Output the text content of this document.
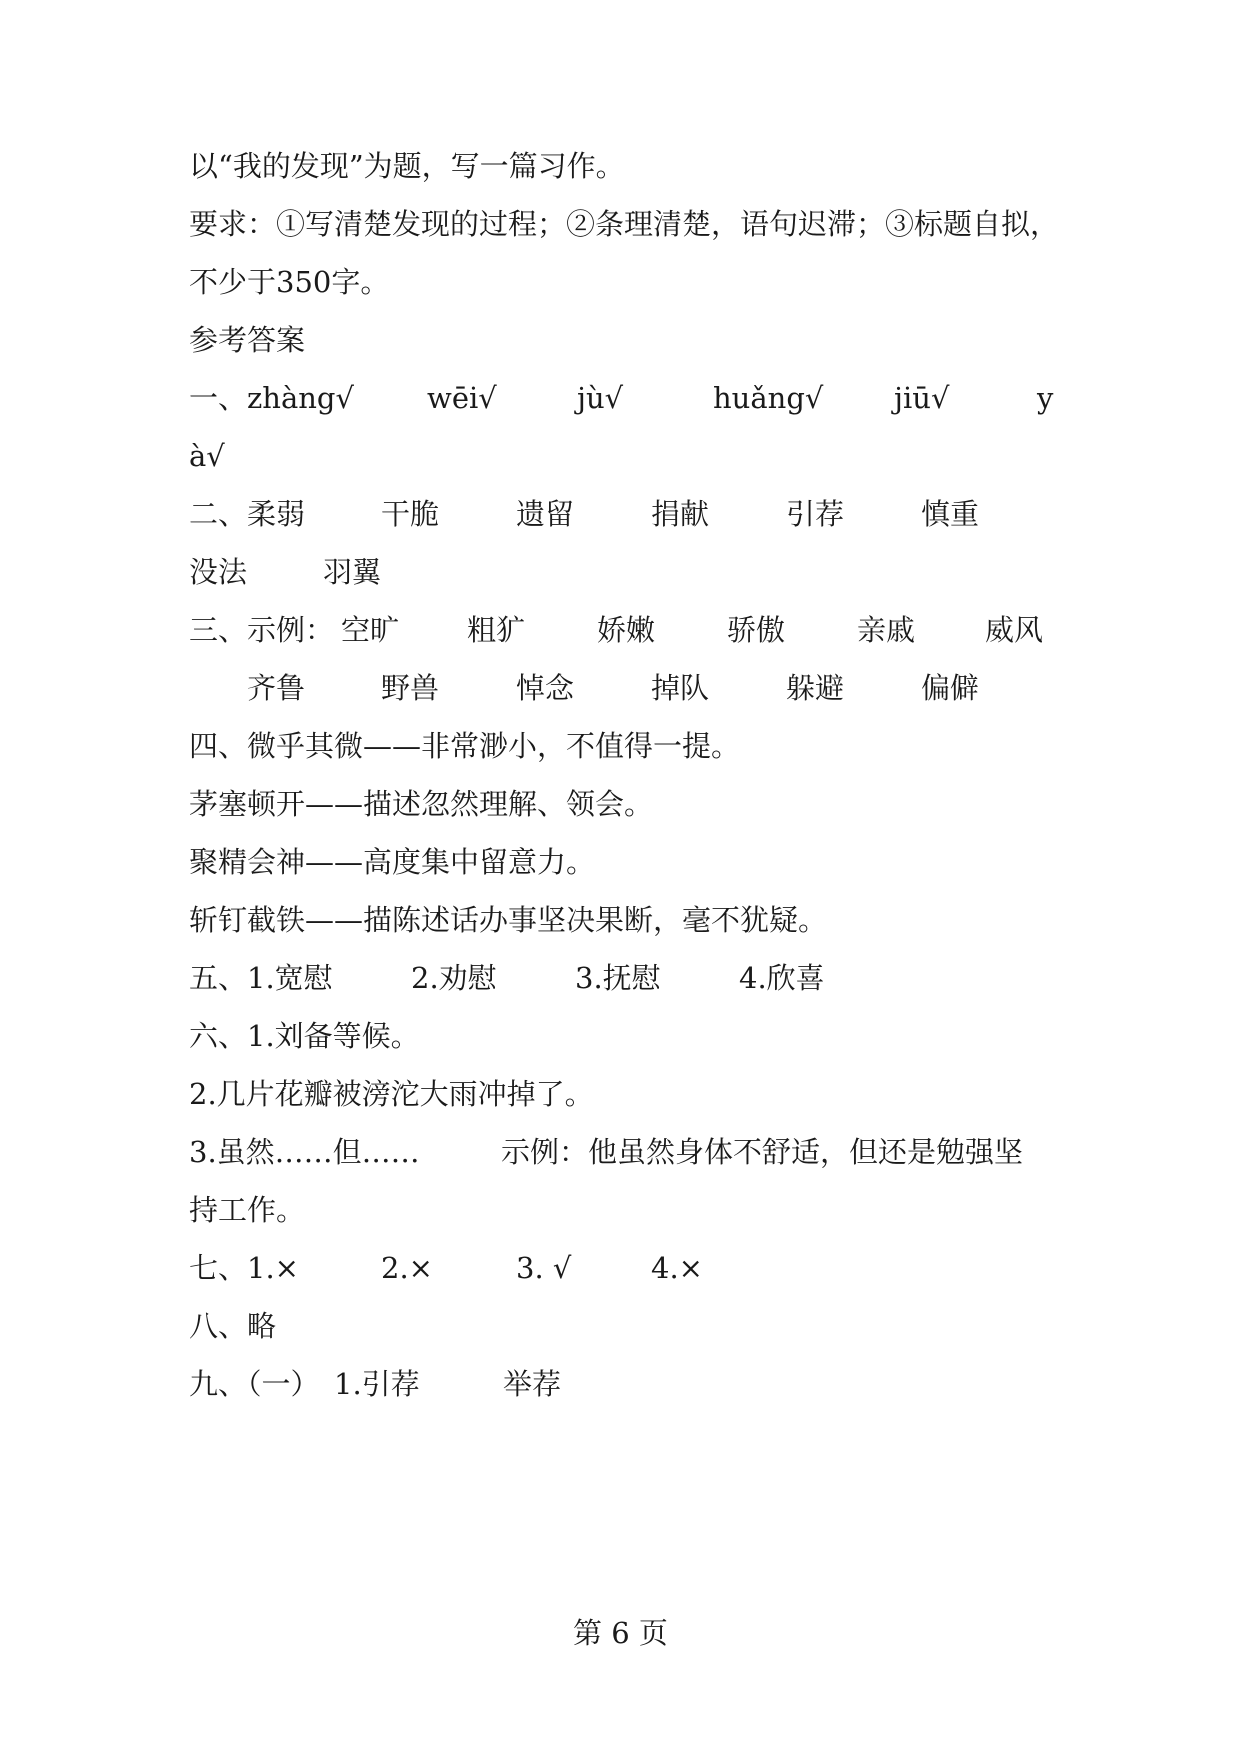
以“我的发现”为题，写一篇习作。
要求：①写清楚发现的过程；②条理清楚，语句迟滞；③标题自拟，
不少于350字。
参考答案
一、 zhàng√	wēi√	jù√	huǎng√ jiū√	y
à√
二、 柔弱	干脆	遗留	捐献	引荐	慎重
没法	羽翼
三、示例： 空旷 粗犷 娇嫩 骄傲 亲戚 威风
齐鲁	野兽	悼念	掉队	躲避	偏僻
四、微乎其微——非常渺小，不值得一提。
茅塞顿开——描述忽然理解、领会。
聚精会神——高度集中留意力。
斩钉截铁——描陈述话办事坚决果断，毫不犹疑。
五、 1.宽慰	2.劝慰	3.抚慰	4.欣喜
六、1.刘备等候。
2.几片花瓣被滂沱大雨冲掉了。
3.虽然……但……	示例：他虽然身体不舒适，但还是勉强坚
持工作。
七、 1.×	2.×	3. √	4.×
八、略
九、（一） 1.引荐	举荐
第 6 页
